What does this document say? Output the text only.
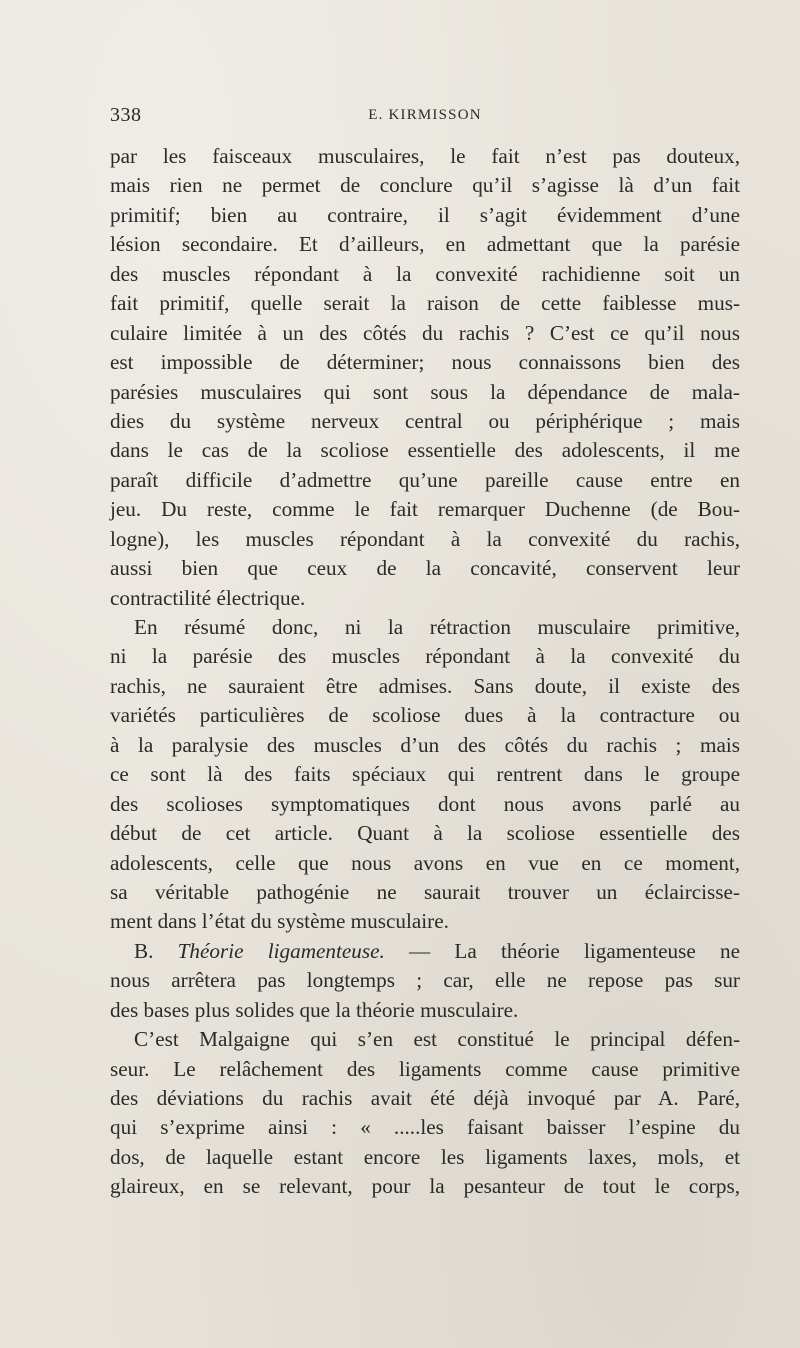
338	E. KIRMISSON
par les faisceaux musculaires, le fait n’est pas douteux,
mais rien ne permet de conclure qu’il s’agisse là d’un fait
primitif; bien au contraire, il s’agit évidemment d’une
lésion secondaire. Et d’ailleurs, en admettant que la parésie
des muscles répondant à la convexité rachidienne soit un
fait primitif, quelle serait la raison de cette faiblesse mus-
culaire limitée à un des côtés du rachis ? C’est ce qu’il nous
est impossible de déterminer; nous connaissons bien des
parésies musculaires qui sont sous la dépendance de mala-
dies du système nerveux central ou périphérique ; mais
dans le cas de la scoliose essentielle des adolescents, il me
paraît difficile d’admettre qu’une pareille cause entre en
jeu. Du reste, comme le fait remarquer Duchenne (de Bou-
logne), les muscles répondant à la convexité du rachis,
aussi bien que ceux de la concavité, conservent leur
contractilité électrique.
En résumé donc, ni la rétraction musculaire primitive,
ni la parésie des muscles répondant à la convexité du
rachis, ne sauraient être admises. Sans doute, il existe des
variétés particulières de scoliose dues à la contracture ou
à la paralysie des muscles d’un des côtés du rachis ; mais
ce sont là des faits spéciaux qui rentrent dans le groupe
des scolioses symptomatiques dont nous avons parlé au
début de cet article. Quant à la scoliose essentielle des
adolescents, celle que nous avons en vue en ce moment,
sa véritable pathogénie ne saurait trouver un éclaircisse-
ment dans l’état du système musculaire.
B. Théorie ligamenteuse. — La théorie ligamenteuse ne
nous arrêtera pas longtemps ; car, elle ne repose pas sur
des bases plus solides que la théorie musculaire.
C’est Malgaigne qui s’en est constitué le principal défen-
seur. Le relâchement des ligaments comme cause primitive
des déviations du rachis avait été déjà invoqué par A. Paré,
qui s’exprime ainsi : « .....les faisant baisser l’espine du
dos, de laquelle estant encore les ligaments laxes, mols, et
glaireux, en se relevant, pour la pesanteur de tout le corps,
